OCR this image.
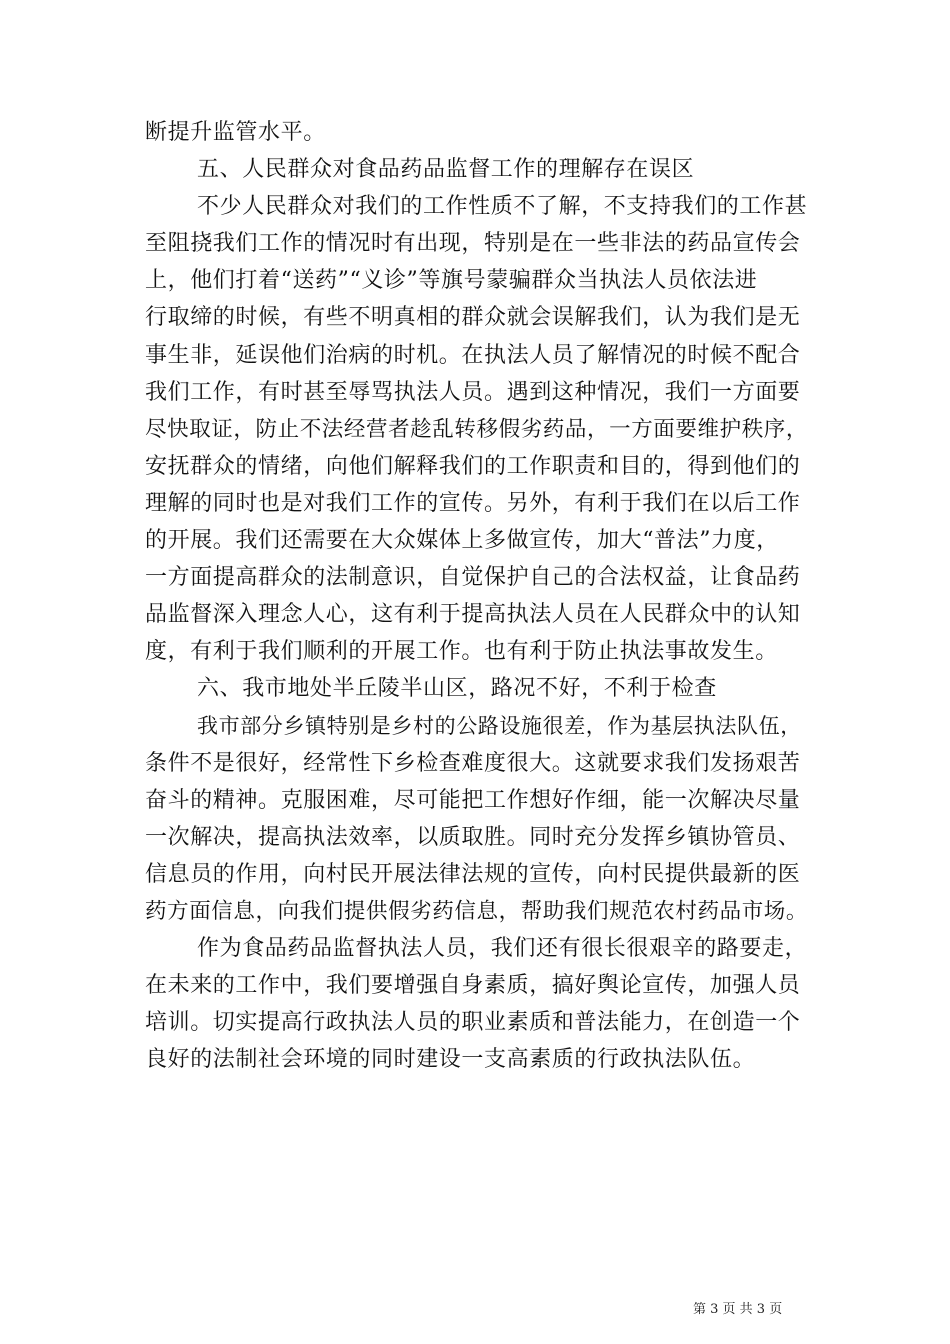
断提升监管水平。
五、人民群众对食品药品监督工作的理解存在误区
不少人民群众对我们的工作性质不了解，不支持我们的工作甚
至阻挠我们工作的情况时有出现，特别是在一些非法的药品宣传会
上，他们打着“送药”“义诊”等旗号蒙骗群众当执法人员依法进
行取缔的时候，有些不明真相的群众就会误解我们，认为我们是无
事生非，延误他们治病的时机。在执法人员了解情况的时候不配合
我们工作，有时甚至辱骂执法人员。遇到这种情况，我们一方面要
尽快取证，防止不法经营者趁乱转移假劣药品，一方面要维护秩序，
安抚群众的情绪，向他们解释我们的工作职责和目的，得到他们的
理解的同时也是对我们工作的宣传。另外，有利于我们在以后工作
的开展。我们还需要在大众媒体上多做宣传，加大“普法”力度，
一方面提高群众的法制意识，自觉保护自己的合法权益，让食品药
品监督深入理念人心，这有利于提高执法人员在人民群众中的认知
度，有利于我们顺利的开展工作。也有利于防止执法事故发生。
六、我市地处半丘陵半山区，路况不好，不利于检查
我市部分乡镇特别是乡村的公路设施很差，作为基层执法队伍，
条件不是很好，经常性下乡检查难度很大。这就要求我们发扬艰苦
奋斗的精神。克服困难，尽可能把工作想好作细，能一次解决尽量
一次解决，提高执法效率，以质取胜。同时充分发挥乡镇协管员、
信息员的作用，向村民开展法律法规的宣传，向村民提供最新的医
药方面信息，向我们提供假劣药信息，帮助我们规范农村药品市场。
作为食品药品监督执法人员，我们还有很长很艰辛的路要走，
在未来的工作中，我们要增强自身素质，搞好舆论宣传，加强人员
培训。切实提高行政执法人员的职业素质和普法能力，在创造一个
良好的法制社会环境的同时建设一支高素质的行政执法队伍。
第 3 页 共 3 页
